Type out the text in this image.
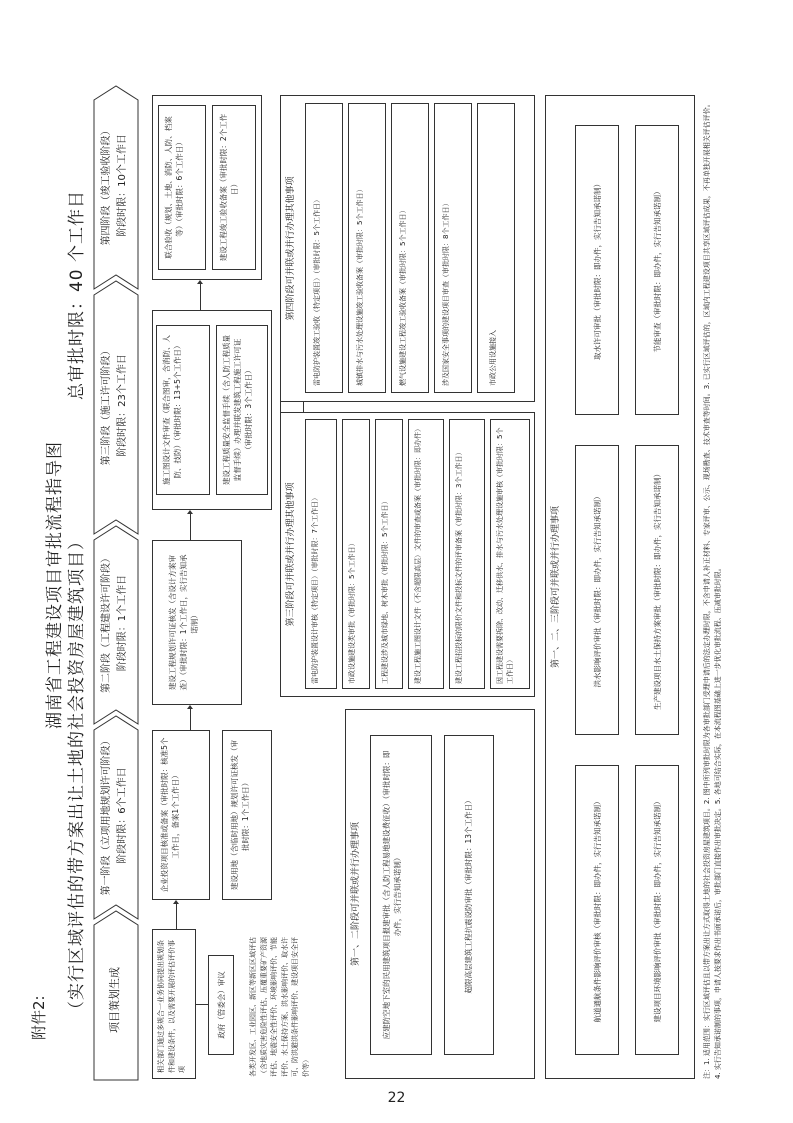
附件2:
湖南省工程建设项目审批流程指导图 （实行区域评估的带方案出让土地的社会投资房屋建筑项目）
总审批时限：40 个工作日
项目策划生成
第一阶段（立项用地规划许可阶段） 阶段时限：6个工作日
第二阶段（工程建设许可阶段） 阶段时限：1个工作日
第三阶段（施工许可阶段） 阶段时限：23个工作日
第四阶段（竣工验收阶段） 阶段时限：10个工作日
相关部门通过多规合一业务协同提出规划条件和建设条件，以及需要开展的评估评价事项
政府（管委会）审议	各类开发区、工业园区、新区等新区区域评估（含地质灾害危险性评估、压覆重要矿产资源评估、地震安全性评价、环境影响评价、节能评价、水土保持方案、洪水影响评价、取水许可、防洪避洪条件影响评价、建设项目安全评价等）
企业投资项目核准或备案（审批时限：核准5个工作日，备案1个工作日）	建设用地（含临时用地）规划许可证核发（审批时限：1个工作日）
建设工程规划许可证核发（含设计方案审查）（审批时限：1个工作日，实行告知承诺制）
施工图设计文件审查（联合图审，含消防、人防、技防）（审批时限：13+5个工作日）	建设工程质量安全监督手续（含人防工程质量监督手续）办理并联发建筑工程施工许可证（审批时限：3个工作日）
联合验收（规划、土地、消防、人防、档案等）（审批时限：6个工作日）	建设工程竣工验收备案（审批时限：2个工作日）
第一、二阶段可并联或并行办理事项	应建防空地下室的民用建筑项目报建审批（含人防工程易地建设费征收）（审批时限：即办件，实行告知承诺制）	超限高层建筑工程抗震设防审批（审批时限：13个工作日）
第三阶段可并联或并行办理其他事项	雷电防护装置设计审核（特定项目）（审批时限：7个工作日）	市政设施建设类审批（审批时限：5个工作日）	工程建设涉及城市绿地、树木审批（审批时限：5个工作日）	建设工程施工图设计文件（不含超限高层）文件的审查或备案（审批时限：即办件）	建设工程招投标的限价文件和投标文件的评审备案（审批时限：3个工作日）	因工程建设需要拆除、改动、迁移供水、排水与污水处理设施审核（审批时限：5个工作日）
第四阶段可并联或并行办理其他事项	雷电防护装置竣工验收（特定项目）（审批时限：5个工作日）	城镇排水与污水处理设施竣工验收备案（审批时限：5个工作日）	燃气设施建设工程竣工验收备案（审批时限：5个工作日）	涉及国家安全事项的建设项目审查（审批时限：8个工作日）	市政公用设施接入
第一、二、三阶段可并联或并行办理事项
航道通航条件影响评价审核（审批时限：即办件，实行告知承诺制）	建设项目环境影响评价审批（审批时限：即办件，实行告知承诺制）
洪水影响评价审批（审批时限：即办件，实行告知承诺制）	生产建设项目水土保持方案审批（审批时限：即办件，实行告知承诺制）
取水许可审批（审批时限：即办件，实行告知承诺制）	节能审查（审批时限：即办件，实行告知承诺制）	注：1. 适用范围：实行区域评估且以带方案出让方式取得土地的社会投资房屋建筑项目。2. 图中所列审批时限为各审批部门受理申请后的法定办理时限，不含申请人补正材料、专家评审、公示、现场勘查、技术审查等时间。3. 已实行区域评估的，区域内工程建设项目共享区域评估成果，不再单独开展相关评估评价。4. 实行告知承诺制的事项，申请人按要求作出书面承诺后，审批部门直接作出审批决定。5. 各地可结合实际，在本流程图基础上进一步优化审批流程、压减审批时限。
22
